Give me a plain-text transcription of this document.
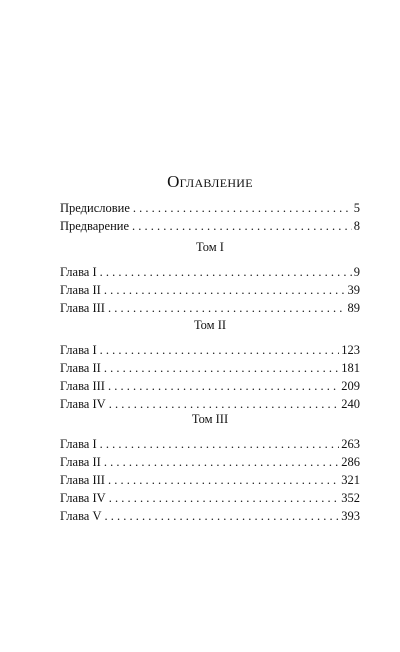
Оглавление
Предисловие . . .	5
Предварение . . .	8
Том I
Глава I . . .	9
Глава II . . .	39
Глава III . . .	89
Том II
Глава I . . .	123
Глава II . . .	181
Глава III . . .	209
Глава IV . . .	240
Том III
Глава I . . .	263
Глава II . . .	286
Глава III . . .	321
Глава IV . . .	352
Глава V . . .	393
